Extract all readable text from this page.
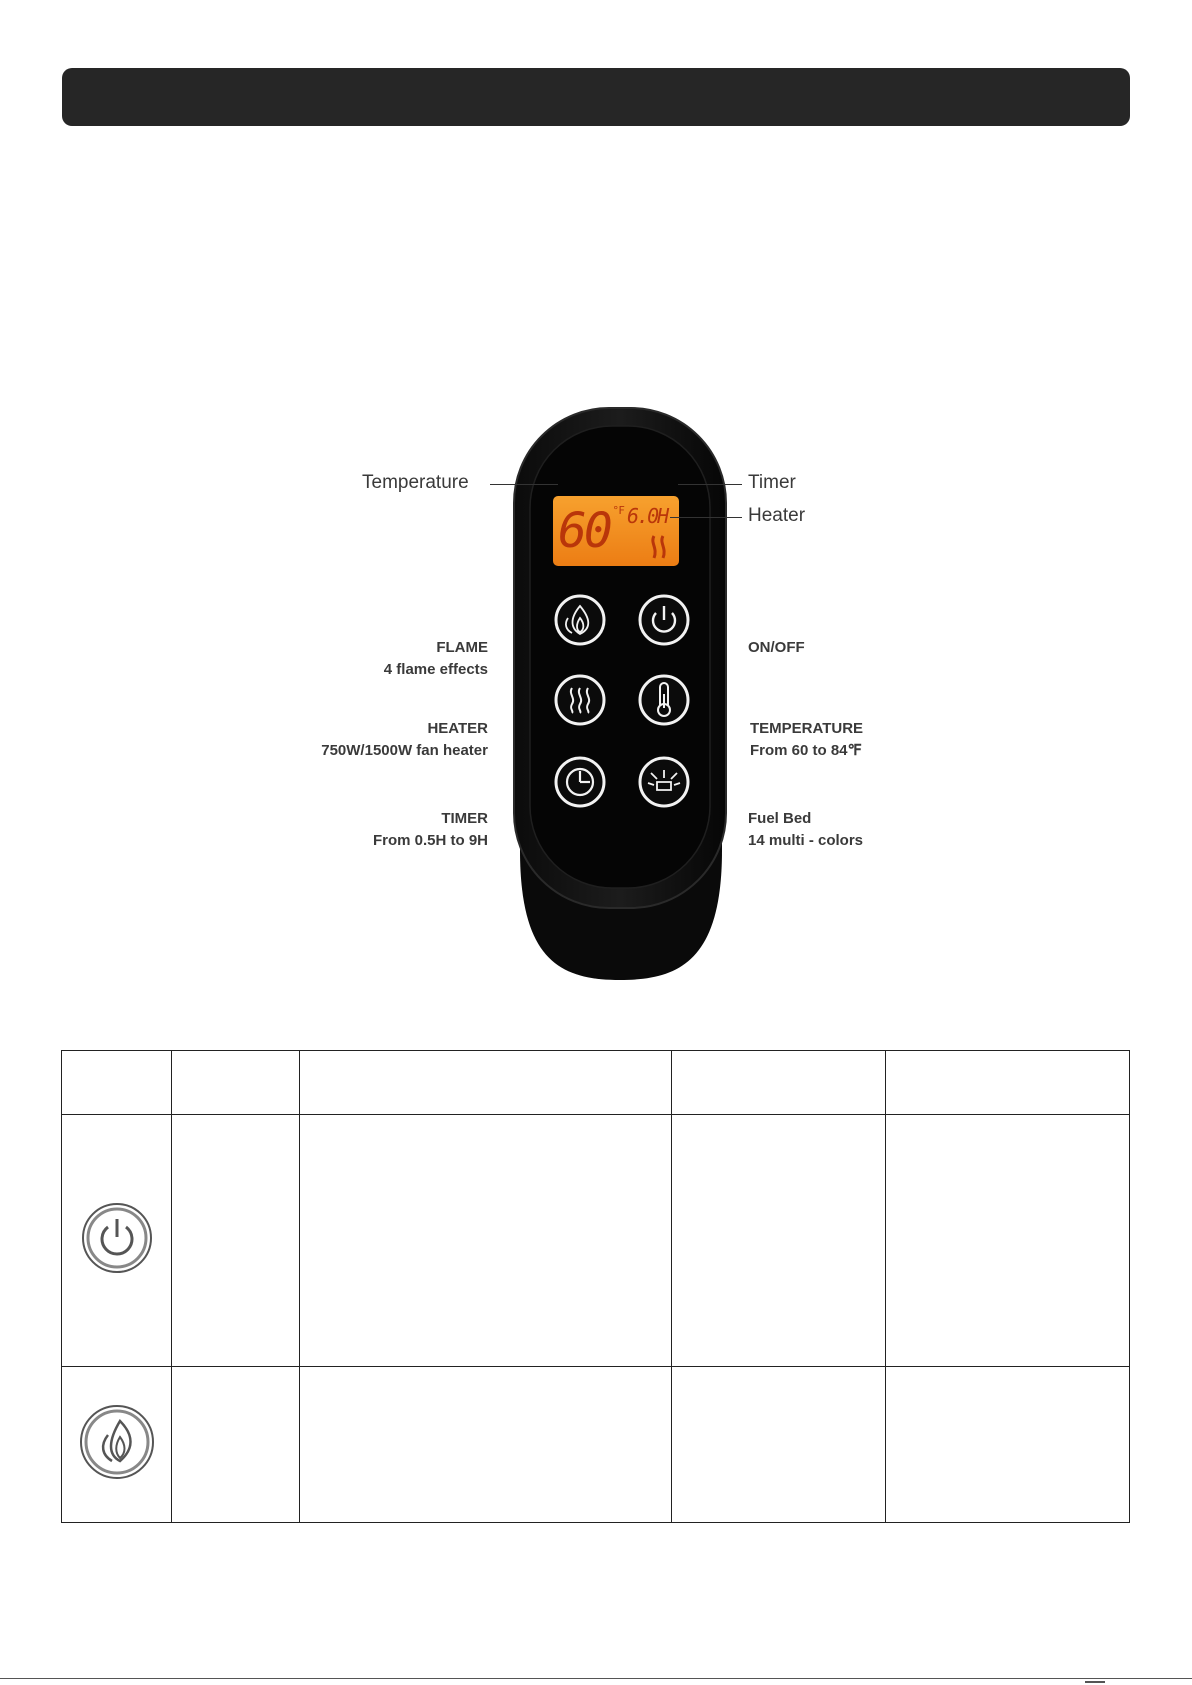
60 °F 6.0H
Temperature	Timer
Heater
FLAME
4 flame effects
HEATER
750W/1500W fan heater
TIMER
From 0.5H to 9H
ON/OFF
TEMPERATURE
From 60 to 84℉
Fuel Bed
14 multi - colors
